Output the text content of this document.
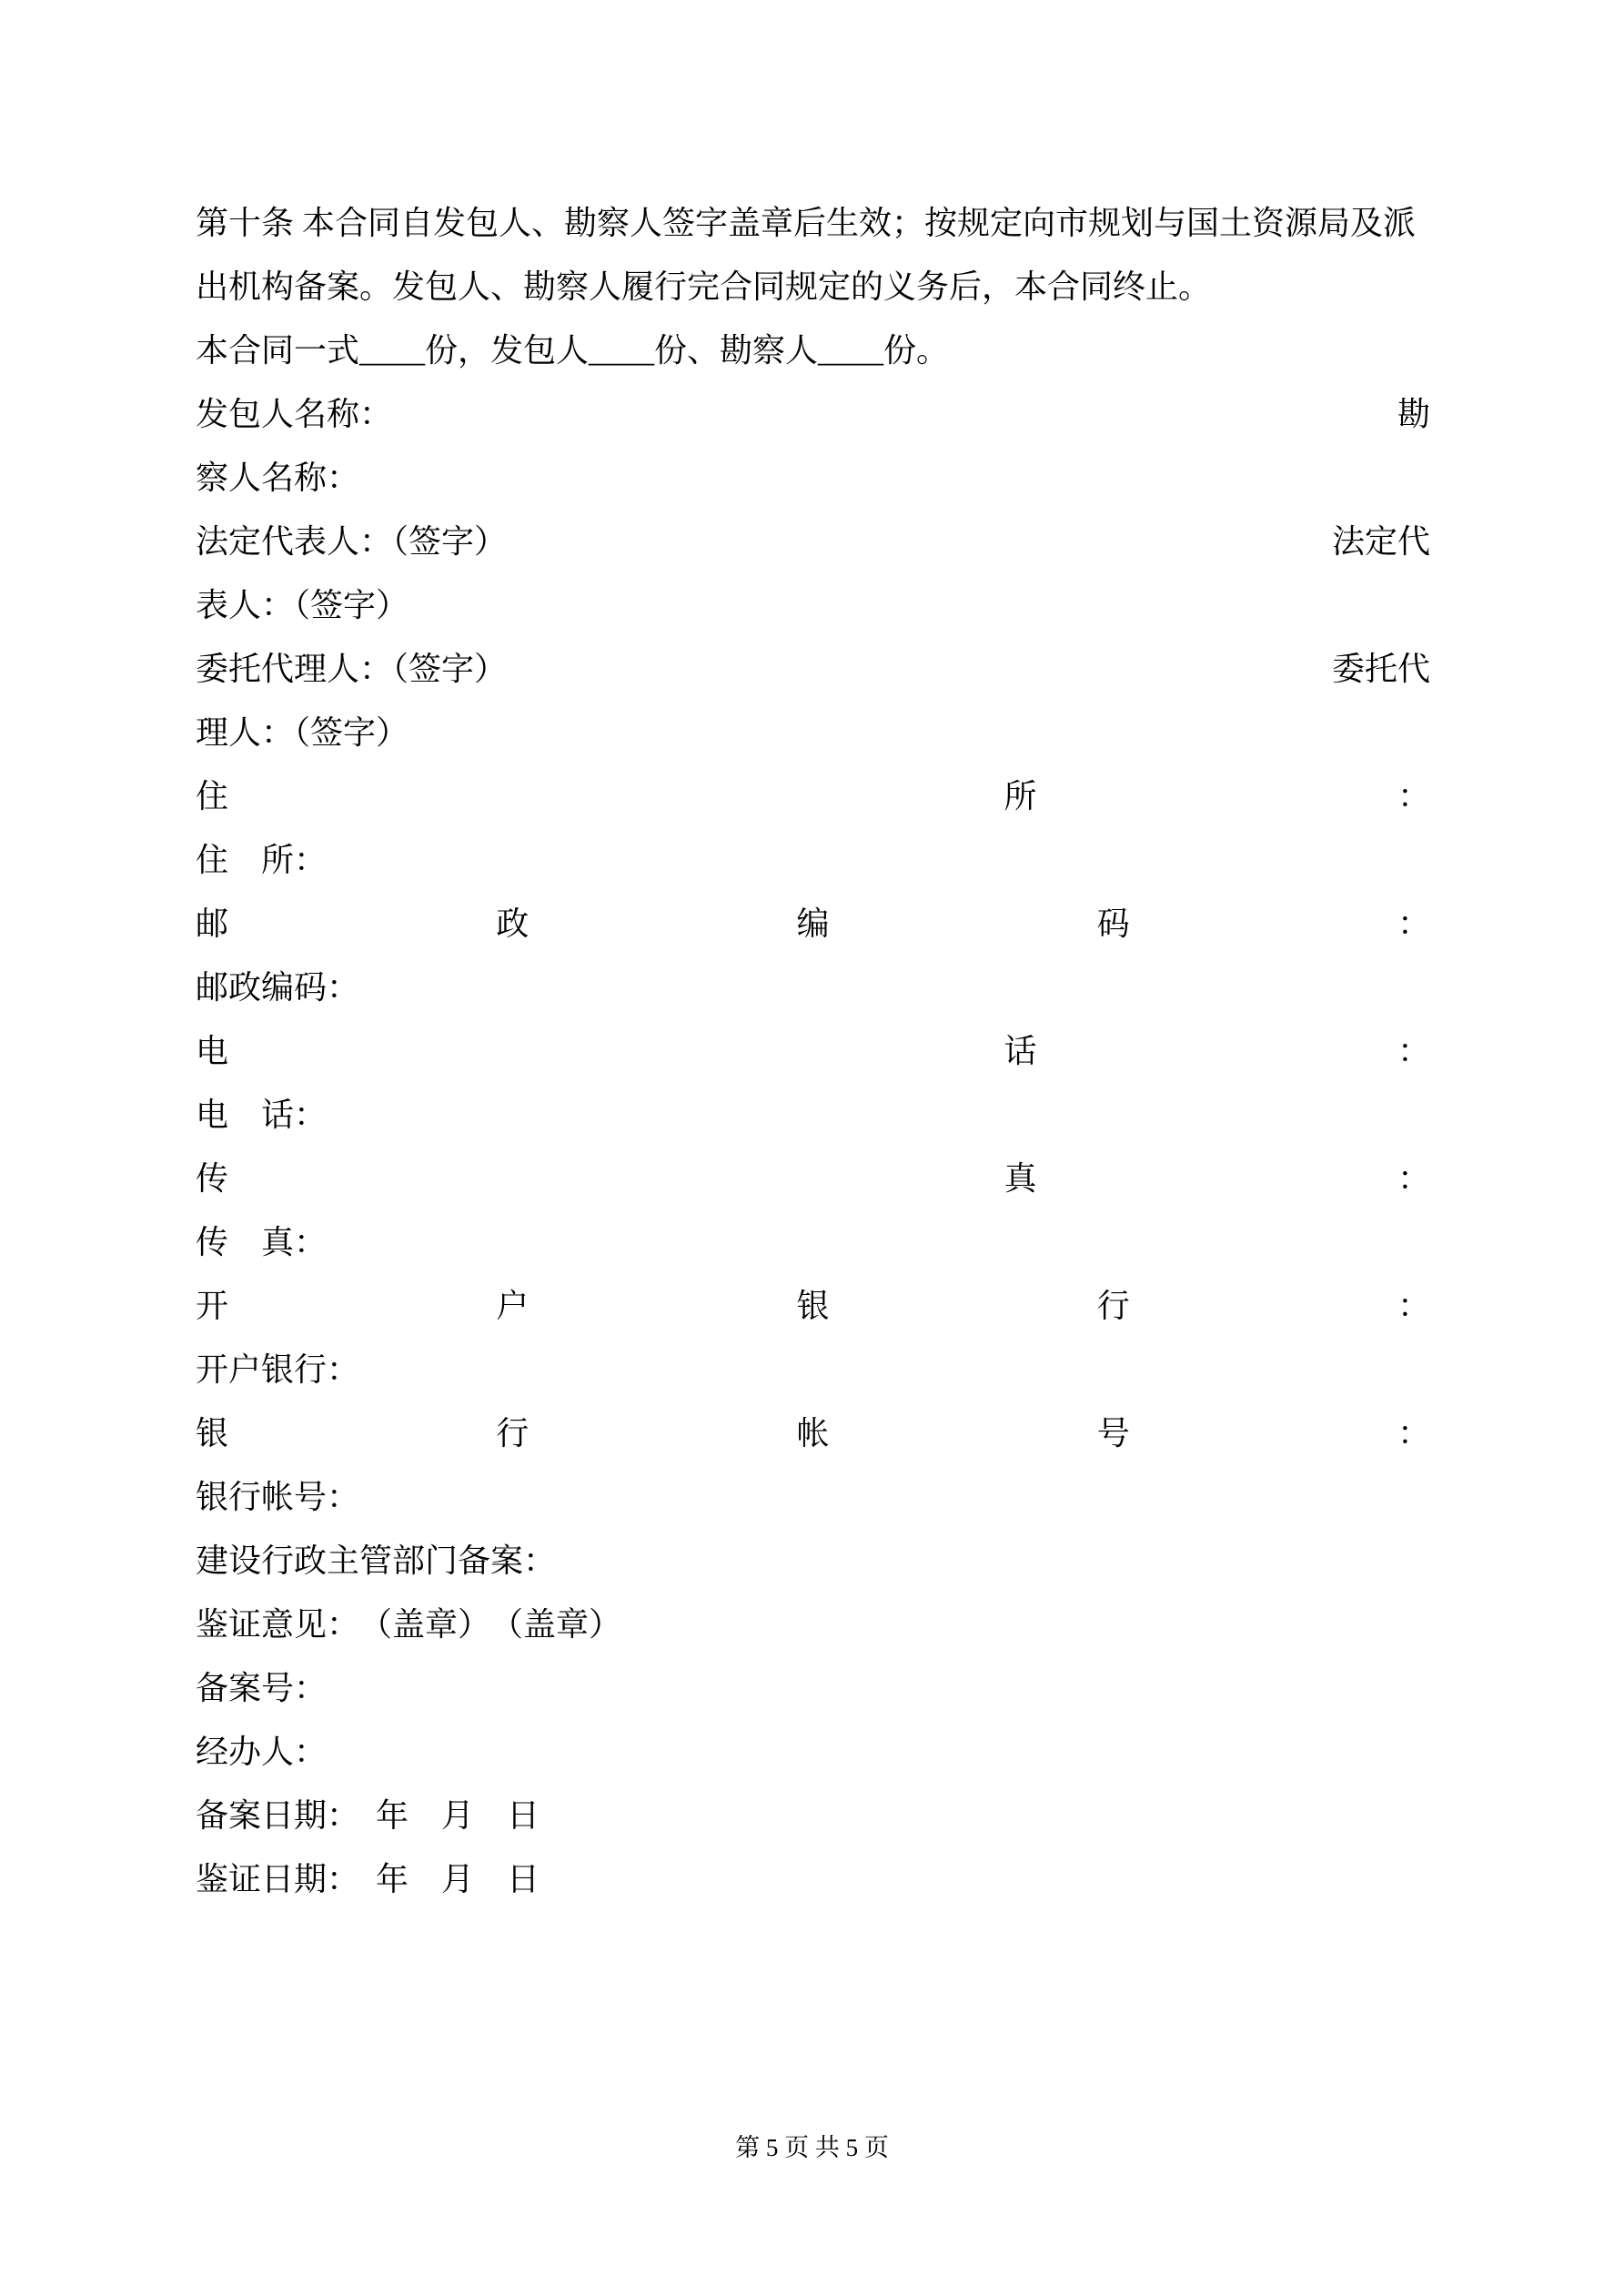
第十条 本合同自发包人、勘察人签字盖章后生效；按规定向市规划与国土资源局及派
出机构备案。发包人、勘察人履行完合同规定的义务后，本合同终止。
本合同一式____份，发包人____份、勘察人____份。
发包人名称：	勘
察人名称：
法定代表人：（签字）	法定代
表人：（签字）
委托代理人：（签字）	委托代
理人：（签字）
住	所	：
住　所：
邮	政	编	码	：
邮政编码：
电	话	：
电　话：
传	真	：
传　真：
开	户	银	行	：
开户银行：
银	行	帐	号	：
银行帐号：
建设行政主管部门备案：
鉴证意见：　（盖章）　（盖章）
备案号：
经办人：
备案日期：　年　月　日
鉴证日期：　年　月　日
第 5 页 共 5 页
